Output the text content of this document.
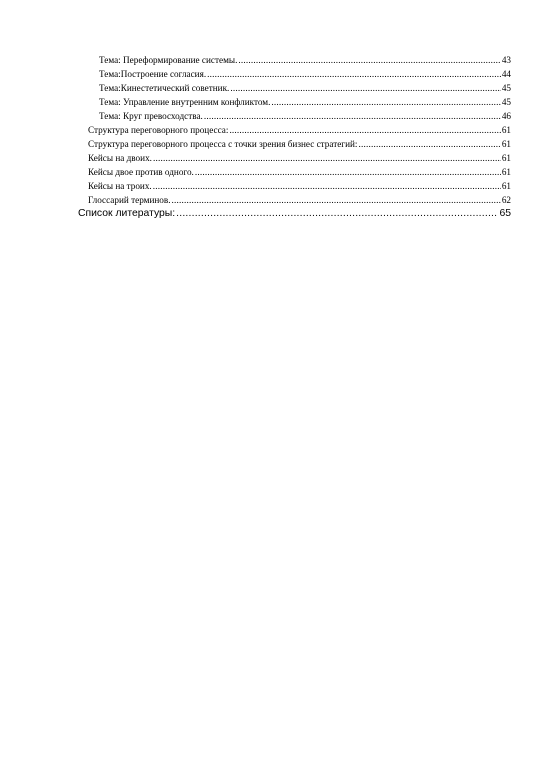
Тема: Переформирование системы. .....	43
Тема:Построение согласия. .....	44
Тема:Кинестетический советник. .....	45
Тема: Управление внутренним конфликтом. .....	45
Тема: Круг превосходства. .....	46
Структура переговорного процесса: .....	61
Структура переговорного процесса с точки зрения бизнес стратегий: .....	61
Кейсы на двоих. .....	61
Кейсы двое против одного. .....	61
Кейсы на троих. .....	61
Глоссарий терминов. .....	62
Список литературы: .....	65
